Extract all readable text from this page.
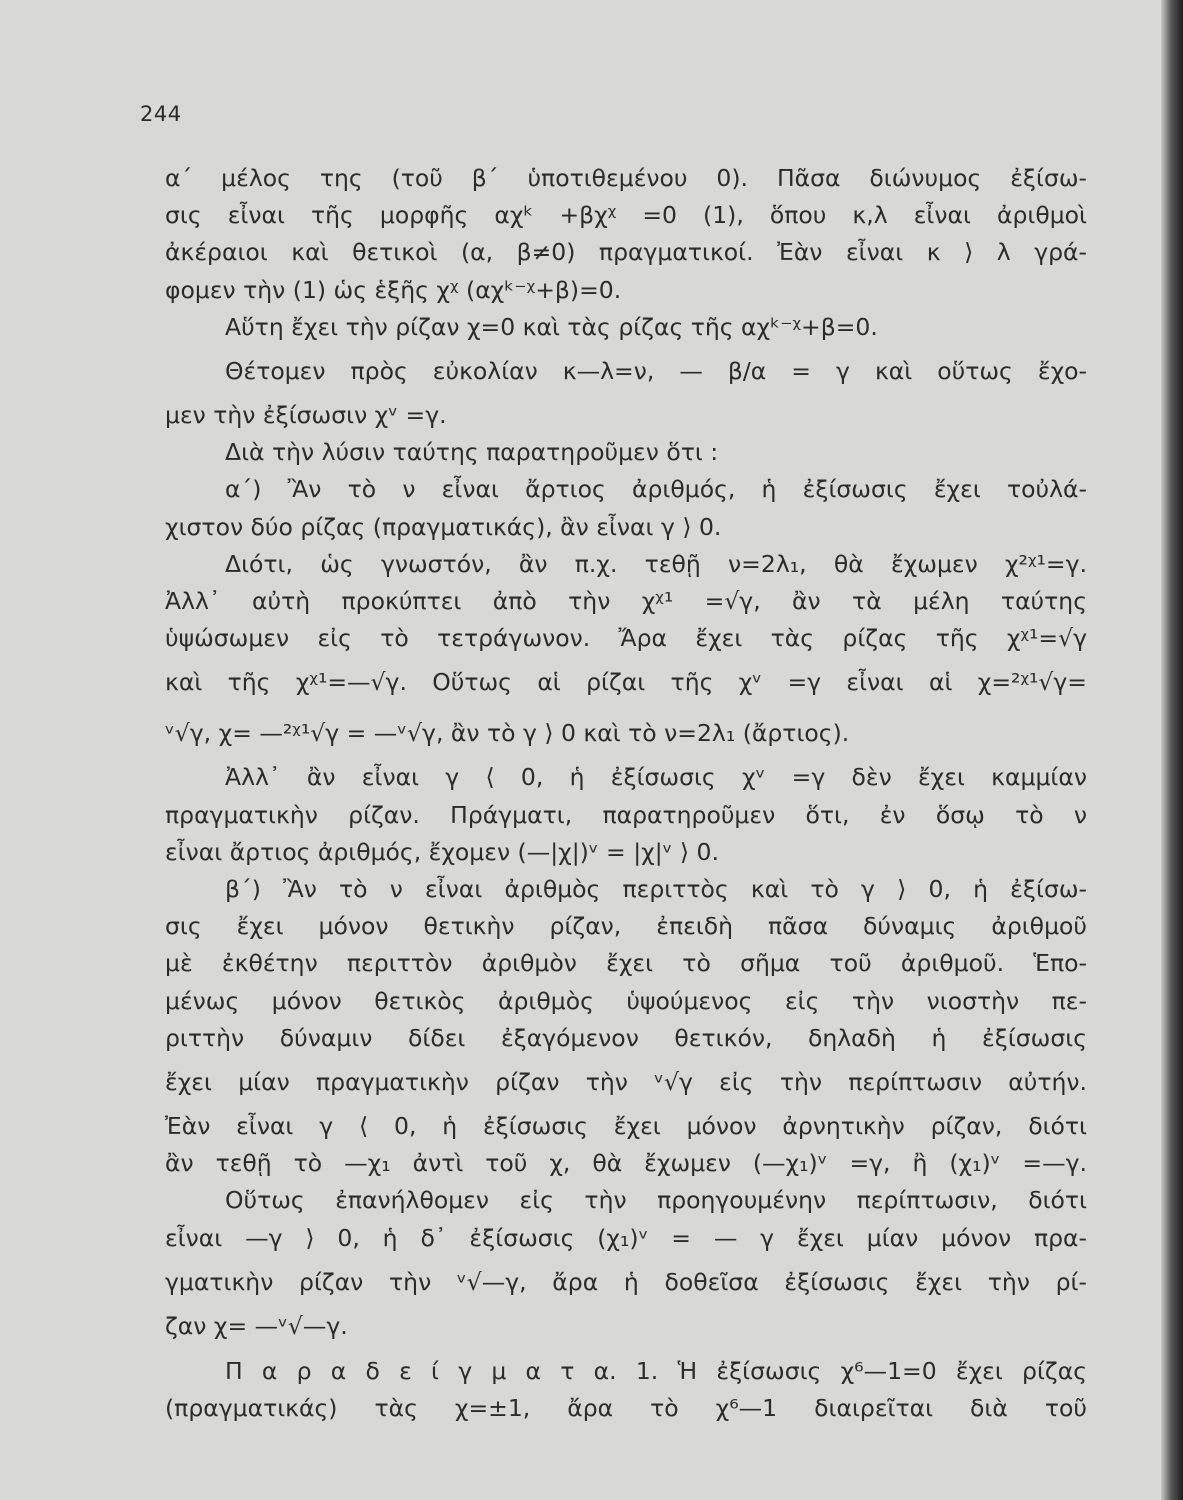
244
α΄ μέλος της (τοῦ β΄ ὑποτιθεμένου 0). Πᾶσα διώνυμος ἐξίσω-
σις εἶναι τῆς μορφῆς αχᵏ +βχᵡ =0 (1), ὅπου κ,λ εἶναι ἀριθμοὶ
ἀκέραιοι καὶ θετικοὶ (α, β≠0) πραγματικοί. Ἐὰν εἶναι κ ⟩ λ γρά-
φομεν τὴν (1) ὡς ἑξῆς χᵡ (αχᵏ⁻ᵡ+β)=0.
Αὕτη ἔχει τὴν ρίζαν χ=0 καὶ τὰς ρίζας τῆς αχᵏ⁻ᵡ+β=0.
Θέτομεν πρὸς εὐκολίαν κ—λ=ν, — β/α = γ καὶ οὕτως ἔχο-
μεν τὴν ἐξίσωσιν χᵛ =γ.
Διὰ τὴν λύσιν ταύτης παρατηροῦμεν ὅτι :
α΄) Ἂν τὸ ν εἶναι ἄρτιος ἀριθμός, ἡ ἐξίσωσις ἔχει τοὐλά-
χιστον δύο ρίζας (πραγματικάς), ἂν εἶναι γ ⟩ 0.
Διότι, ὡς γνωστόν, ἂν π.χ. τεθῇ ν=2λ₁, θὰ ἔχωμεν χ²ᵡ¹=γ.
Ἀλλ᾽ αὐτὴ προκύπτει ἀπὸ τὴν χᵡ¹ =√γ, ἂν τὰ μέλη ταύτης
ὑψώσωμεν εἰς τὸ τετράγωνον. Ἄρα ἔχει τὰς ρίζας τῆς χᵡ¹=√γ
καὶ τῆς χᵡ¹=—√γ. Οὕτως αἱ ρίζαι τῆς χᵛ =γ εἶναι αἱ χ=²ᵡ¹√γ=
ᵛ√γ, χ= —²ᵡ¹√γ = —ᵛ√γ, ἂν τὸ γ ⟩ 0 καὶ τὸ ν=2λ₁ (ἄρτιος).
Ἀλλ᾽ ἂν εἶναι γ ⟨ 0, ἡ ἐξίσωσις χᵛ =γ δὲν ἔχει καμμίαν
πραγματικὴν ρίζαν. Πράγματι, παρατηροῦμεν ὅτι, ἐν ὅσῳ τὸ ν
εἶναι ἄρτιος ἀριθμός, ἔχομεν (—|χ|)ᵛ = |χ|ᵛ ⟩ 0.
β΄) Ἂν τὸ ν εἶναι ἀριθμὸς περιττὸς καὶ τὸ γ ⟩ 0, ἡ ἐξίσω-
σις ἔχει μόνον θετικὴν ρίζαν, ἐπειδὴ πᾶσα δύναμις ἀριθμοῦ
μὲ ἐκθέτην περιττὸν ἀριθμὸν ἔχει τὸ σῆμα τοῦ ἀριθμοῦ. Ἑπο-
μένως μόνον θετικὸς ἀριθμὸς ὑψούμενος εἰς τὴν νιοστὴν πε-
ριττὴν δύναμιν δίδει ἐξαγόμενον θετικόν, δηλαδὴ ἡ ἐξίσωσις
ἔχει μίαν πραγματικὴν ρίζαν τὴν ᵛ√γ εἰς τὴν περίπτωσιν αὐτήν.
Ἐὰν εἶναι γ ⟨ 0, ἡ ἐξίσωσις ἔχει μόνον ἀρνητικὴν ρίζαν, διότι
ἂν τεθῇ τὸ —χ₁ ἀντὶ τοῦ χ, θὰ ἔχωμεν (—χ₁)ᵛ =γ, ἢ (χ₁)ᵛ =—γ.
Οὕτως ἐπανήλθομεν εἰς τὴν προηγουμένην περίπτωσιν, διότι
εἶναι —γ ⟩ 0, ἡ δ᾽ ἐξίσωσις (χ₁)ᵛ = — γ ἔχει μίαν μόνον πρα-
γματικὴν ρίζαν τὴν ᵛ√—γ, ἄρα ἡ δοθεῖσα ἐξίσωσις ἔχει τὴν ρί-
ζαν χ= —ᵛ√—γ.
Π α ρ α δ ε ί γ μ α τ α. 1. Ἡ ἐξίσωσις χ⁶—1=0 ἔχει ρίζας
(πραγματικάς) τὰς χ=±1, ἄρα τὸ χ⁶—1 διαιρεῖται διὰ τοῦ
